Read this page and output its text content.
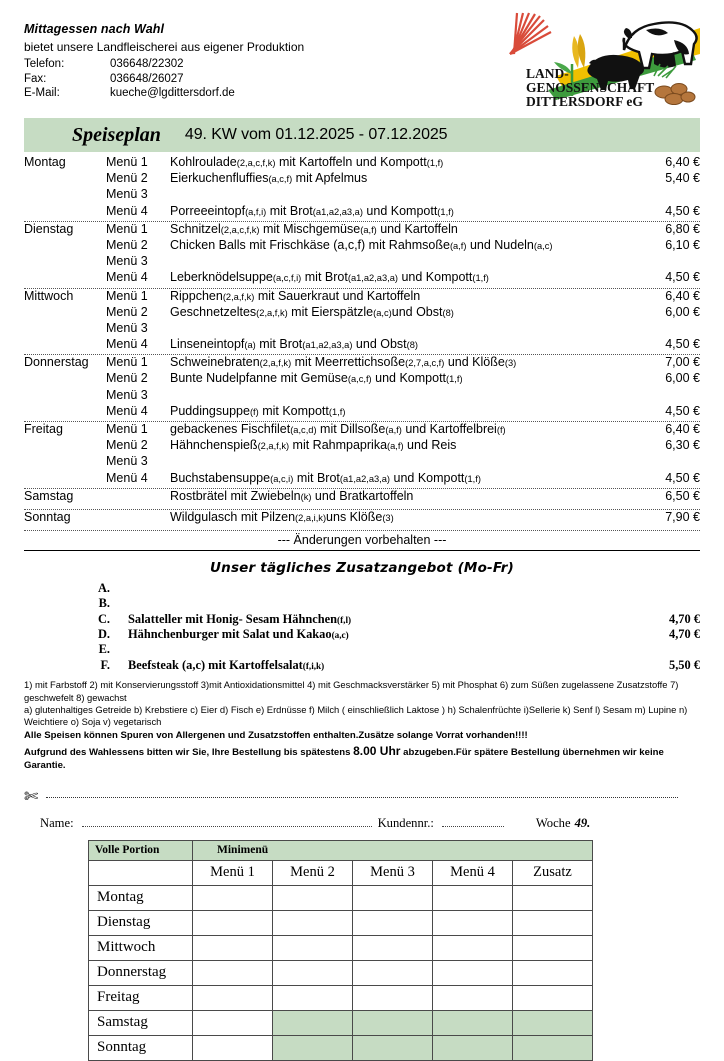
Mittagessen nach Wahl
bietet unsere Landfleischerei aus eigener Produktion
Telefon:	036648/22302
Fax:	036648/26027
E-Mail:	kueche@lgdittersdorf.de
LAND-
GENOSSENSCHAFT
DITTERSDORF eG
Speiseplan 49. KW vom 01.12.2025 - 07.12.2025
Montag	Menü 1	Kohlroulade(2,a,c,f,k) mit Kartoffeln und Kompott(1,f)	6,40 €
Menü 2	Eierkuchenfluffies(a,c,f) mit Apfelmus	5,40 €
Menü 3
Menü 4	Porreeeintopf(a,f,i) mit Brot(a1,a2,a3,a) und Kompott(1,f)	4,50 €
Dienstag	Menü 1	Schnitzel(2,a,c,f,k) mit Mischgemüse(a,f) und Kartoffeln	6,80 €
Menü 2	Chicken Balls mit Frischkäse (a,c,f) mit Rahmsoße(a,f) und Nudeln(a,c)	6,10 €
Menü 3
Menü 4	Leberknödelsuppe(a,c,f,i) mit Brot(a1,a2,a3,a) und Kompott(1,f)	4,50 €
Mittwoch	Menü 1	Rippchen(2,a,f,k) mit Sauerkraut und Kartoffeln	6,40 €
Menü 2	Geschnetzeltes(2,a,f,k) mit Eierspätzle(a,c)und Obst(8)	6,00 €
Menü 3
Menü 4	Linseneintopf(a) mit Brot(a1,a2,a3,a) und Obst(8)	4,50 €
Donnerstag	Menü 1	Schweinebraten(2,a,f,k) mit Meerrettichsoße(2,7,a,c,f) und Klöße(3)	7,00 €
Menü 2	Bunte Nudelpfanne mit Gemüse(a,c,f) und Kompott(1,f)	6,00 €
Menü 3
Menü 4	Puddingsuppe(f) mit Kompott(1,f)	4,50 €
Freitag	Menü 1	gebackenes Fischfilet(a,c,d) mit Dillsoße(a,f) und Kartoffelbrei(f)	6,40 €
Menü 2	Hähnchenspieß(2,a,f,k) mit Rahmpaprika(a,f) und Reis	6,30 €
Menü 3
Menü 4	Buchstabensuppe(a,c,i) mit Brot(a1,a2,a3,a) und Kompott(1,f)	4,50 €
Samstag	Rostbrätel mit Zwiebeln(k) und Bratkartoffeln	6,50 €
Sonntag	Wildgulasch mit Pilzen(2,a,i,k)uns Klöße(3)	7,90 €
--- Änderungen vorbehalten ---
Unser tägliches Zusatzangebot (Mo-Fr)
A.
B.
C.	Salatteller mit Honig- Sesam Hähnchen(f,l)	4,70 €
D.	Hähnchenburger mit Salat und Kakao(a,c)	4,70 €
E.
F.	Beefsteak (a,c) mit Kartoffelsalat(f,i,k)	5,50 €

1) mit Farbstoff 2) mit Konservierungsstoff 3)mit Antioxidationsmittel 4) mit Geschmacksverstärker 5) mit Phosphat 6) zum Süßen zugelassene Zusatzstoffe 7) geschwefelt 8) gewachst

a) glutenhaltiges Getreide b) Krebstiere c) Eier d) Fisch e) Erdnüsse f) Milch ( einschließlich Laktose ) h) Schalenfrüchte i)Sellerie k) Senf l) Sesam m) Lupine n) Weichtiere o) Soja v) vegetarisch

Alle Speisen können Spuren von Allergenen und Zusatzstoffen enthalten.Zusätze solange Vorrat vorhanden!!!!

Aufgrund des Wahlessens bitten wir Sie, Ihre Bestellung bis spätestens 8.00 Uhr abzugeben.Für spätere Bestellung übernehmen wir keine Garantie.

✄
Name:	Kundennr.:	Woche 49.
Volle Portion	Minimenü				
	Menü 1	Menü 2	Menü 3	Menü 4	Zusatz
Montag					
Dienstag					
Mittwoch					
Donnerstag					
Freitag					
Samstag					
Sonntag					
